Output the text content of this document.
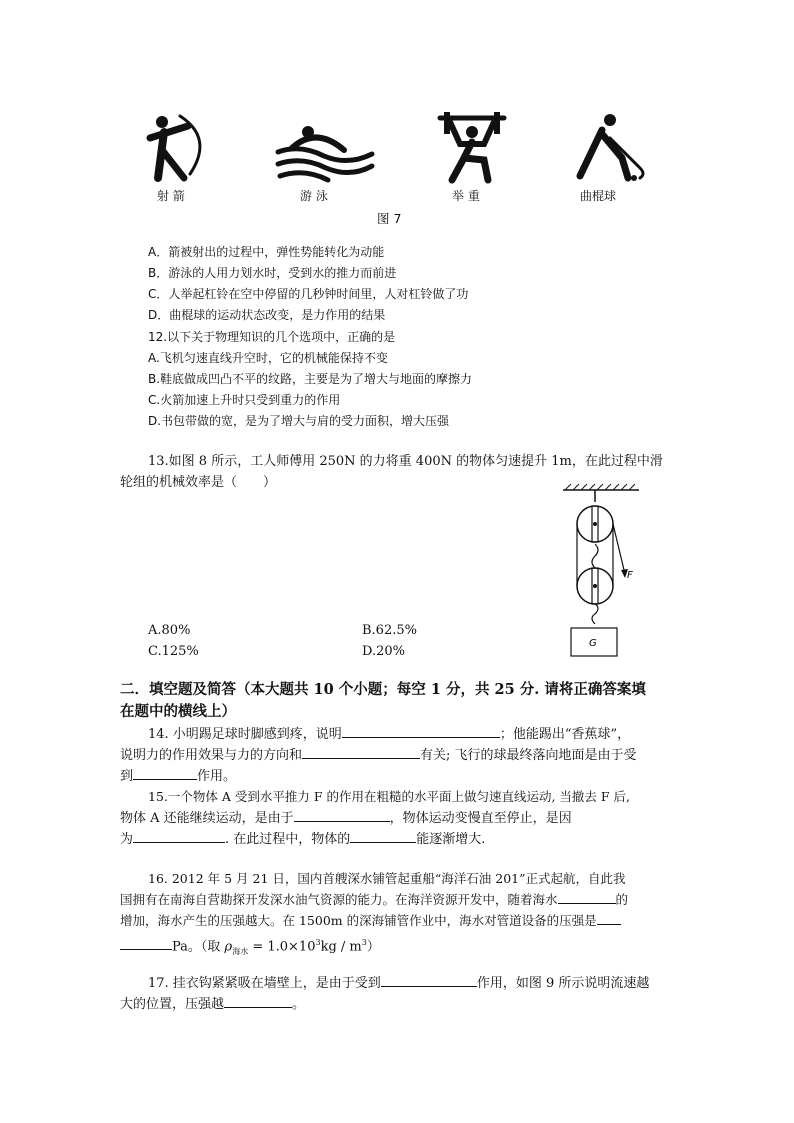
射 箭	游 泳	举 重	曲棍球
图 7
A．箭被射出的过程中，弹性势能转化为动能
B．游泳的人用力划水时，受到水的推力而前进
C．人举起杠铃在空中停留的几秒钟时间里，人对杠铃做了功
D．曲棍球的运动状态改变，是力作用的结果
12.以下关于物理知识的几个选项中，正确的是
A.飞机匀速直线升空时，它的机械能保持不变
B.鞋底做成凹凸不平的纹路，主要是为了增大与地面的摩擦力
C.火箭加速上升时只受到重力的作用
D.书包带做的宽，是为了增大与肩的受力面积，增大压强
13.如图 8 所示，工人师傅用 250N 的力将重 400N 的物体匀速提升 1m，在此过程中滑
轮组的机械效率是（　　）
F
G
A.80%	B.62.5%
C.125%	D.20%
二．填空题及简答（本大题共 10 个小题；每空 1 分，共 25 分. 请将正确答案填
在题中的横线上）
14. 小明踢足球时脚感到疼，说明	；他能踢出“香蕉球”，
说明力的作用效果与力的方向和	有关; 飞行的球最终落向地面是由于受
到	作用。
15.一个物体 A 受到水平推力 F 的作用在粗糙的水平面上做匀速直线运动, 当撤去 F 后,
物体 A 还能继续运动，是由于	，物体运动变慢直至停止，是因
为	. 在此过程中，物体的	能逐渐增大.
16. 2012 年 5 月 21 日，国内首艘深水铺管起重船“海洋石油 201”正式起航，自此我
国拥有在南海自营勘探开发深水油气资源的能力。在海洋资源开发中，随着海水	的
增加，海水产生的压强越大。在 1500m 的深海铺管作业中，海水对管道设备的压强是
Pa。（取 $\rho_{海水} = 1.0\times 10^3kg / m^3$）
17. 挂衣钩紧紧吸在墙壁上，是由于受到	作用，如图 9 所示说明流速越
大的位置，压强越	。
